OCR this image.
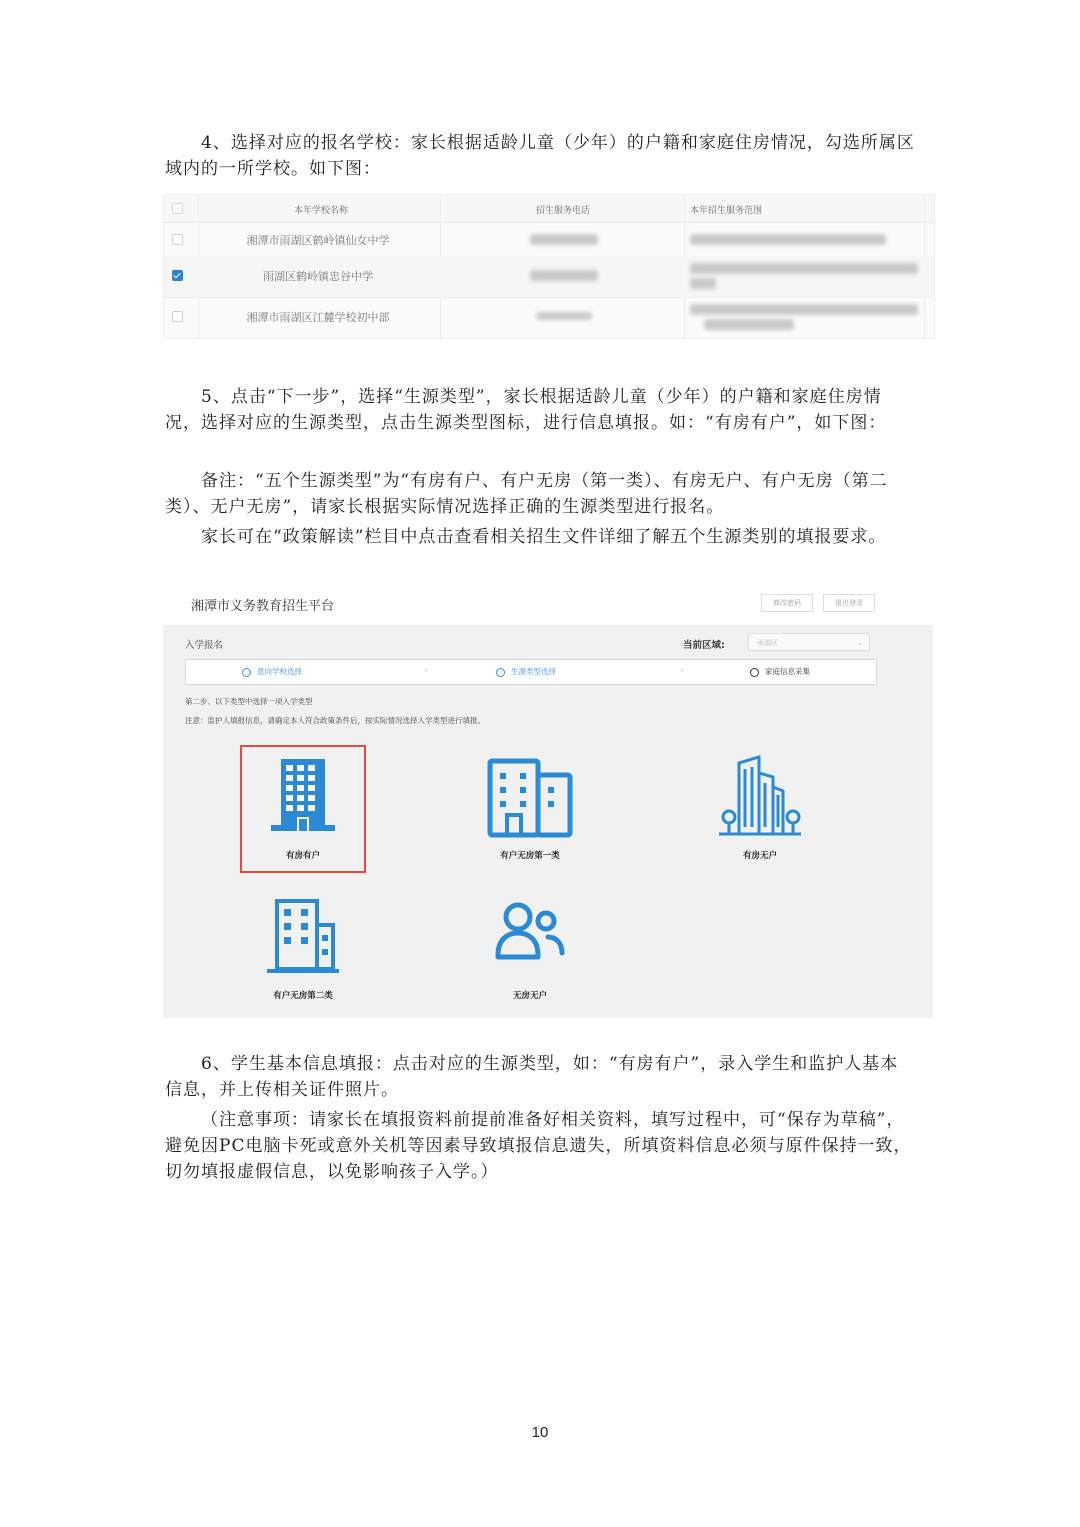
4、选择对应的报名学校：家长根据适龄儿童（少年）的户籍和家庭住房情况，勾选所属区域内的一所学校。如下图：

本年学校名称	招生服务电话	本年招生服务范围
湘潭市雨湖区鹤岭镇仙女中学
雨湖区鹤岭镇忠谷中学
湘潭市雨湖区江麓学校初中部

5、点击“下一步”，选择“生源类型”，家长根据适龄儿童（少年）的户籍和家庭住房情况，选择对应的生源类型，点击生源类型图标，进行信息填报。如：“有房有户”，如下图：

备注：“五个生源类型”为“有房有户、有户无房（第一类）、有房无户、有户无房（第二类）、无户无房”，请家长根据实际情况选择正确的生源类型进行报名。

家长可在“政策解读”栏目中点击查看相关招生文件详细了解五个生源类别的填报要求。

湘潭市义务教育招生平台	修改密码	退出登录
入学报名	当前区域:	雨湖区	⌄
意向学校选择	›	生源类型选择	›	家庭信息采集
第二步、以下类型中选择一项入学类型
注意：监护人填报信息，请确定本人符合政策条件后，按实际情况选择入学类型进行填报。
有房有户	有户无房第一类	有房无户
有户无房第二类	无房无户

6、学生基本信息填报：点击对应的生源类型，如：“有房有户”，录入学生和监护人基本信息，并上传相关证件照片。

（注意事项：请家长在填报资料前提前准备好相关资料，填写过程中，可“保存为草稿”，避免因PC电脑卡死或意外关机等因素导致填报信息遗失，所填资料信息必须与原件保持一致，切勿填报虚假信息，以免影响孩子入学。）

10
